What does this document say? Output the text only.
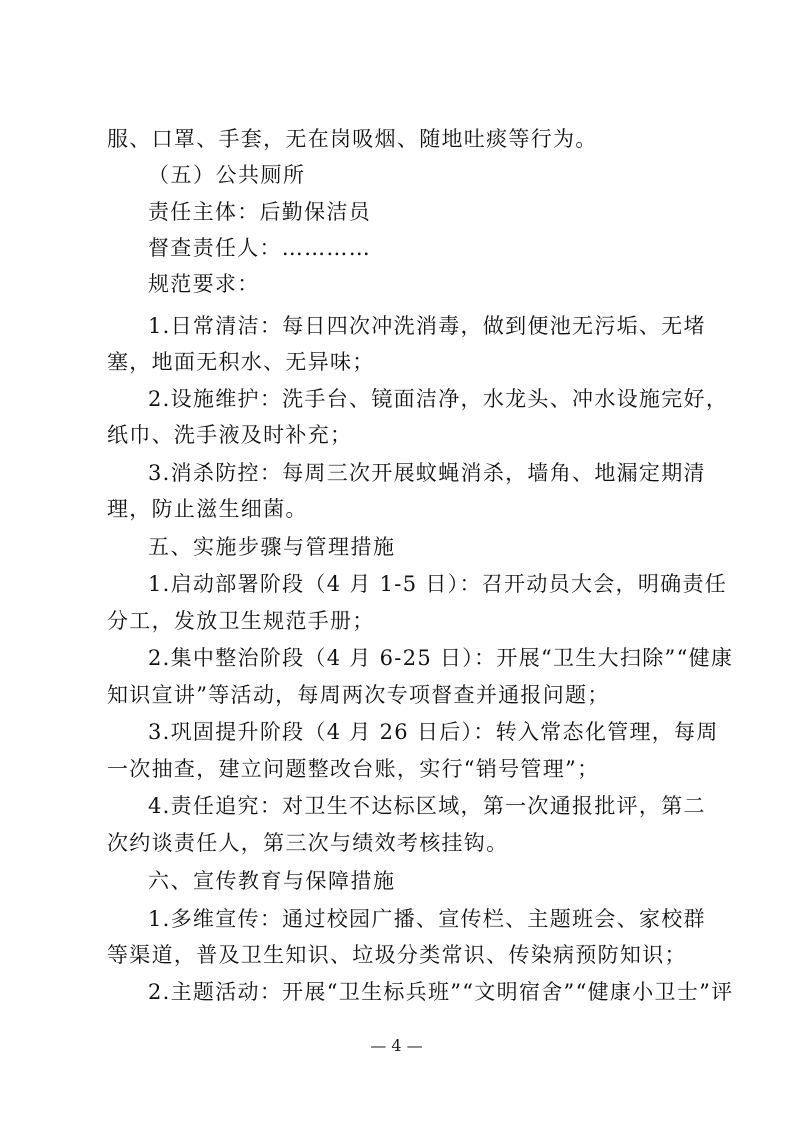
服、口罩、手套，无在岗吸烟、随地吐痰等行为。
（五）公共厕所
责任主体：后勤保洁员
督查责任人：…………
规范要求：
1.日常清洁：每日四次冲洗消毒，做到便池无污垢、无堵
塞，地面无积水、无异味；
2.设施维护：洗手台、镜面洁净，水龙头、冲水设施完好，
纸巾、洗手液及时补充；
3.消杀防控：每周三次开展蚊蝇消杀，墙角、地漏定期清
理，防止滋生细菌。
五、实施步骤与管理措施
1.启动部署阶段（4 月 1-5 日）：召开动员大会，明确责任
分工，发放卫生规范手册；
2.集中整治阶段（4 月 6-25 日）：开展“卫生大扫除”“健康
知识宣讲”等活动，每周两次专项督查并通报问题；
3.巩固提升阶段（4 月 26 日后）：转入常态化管理，每周
一次抽查，建立问题整改台账，实行“销号管理”；
4.责任追究：对卫生不达标区域，第一次通报批评，第二
次约谈责任人，第三次与绩效考核挂钩。
六、宣传教育与保障措施
1.多维宣传：通过校园广播、宣传栏、主题班会、家校群
等渠道，普及卫生知识、垃圾分类常识、传染病预防知识；
2.主题活动：开展“卫生标兵班”“文明宿舍”“健康小卫士”评
— 4 —
